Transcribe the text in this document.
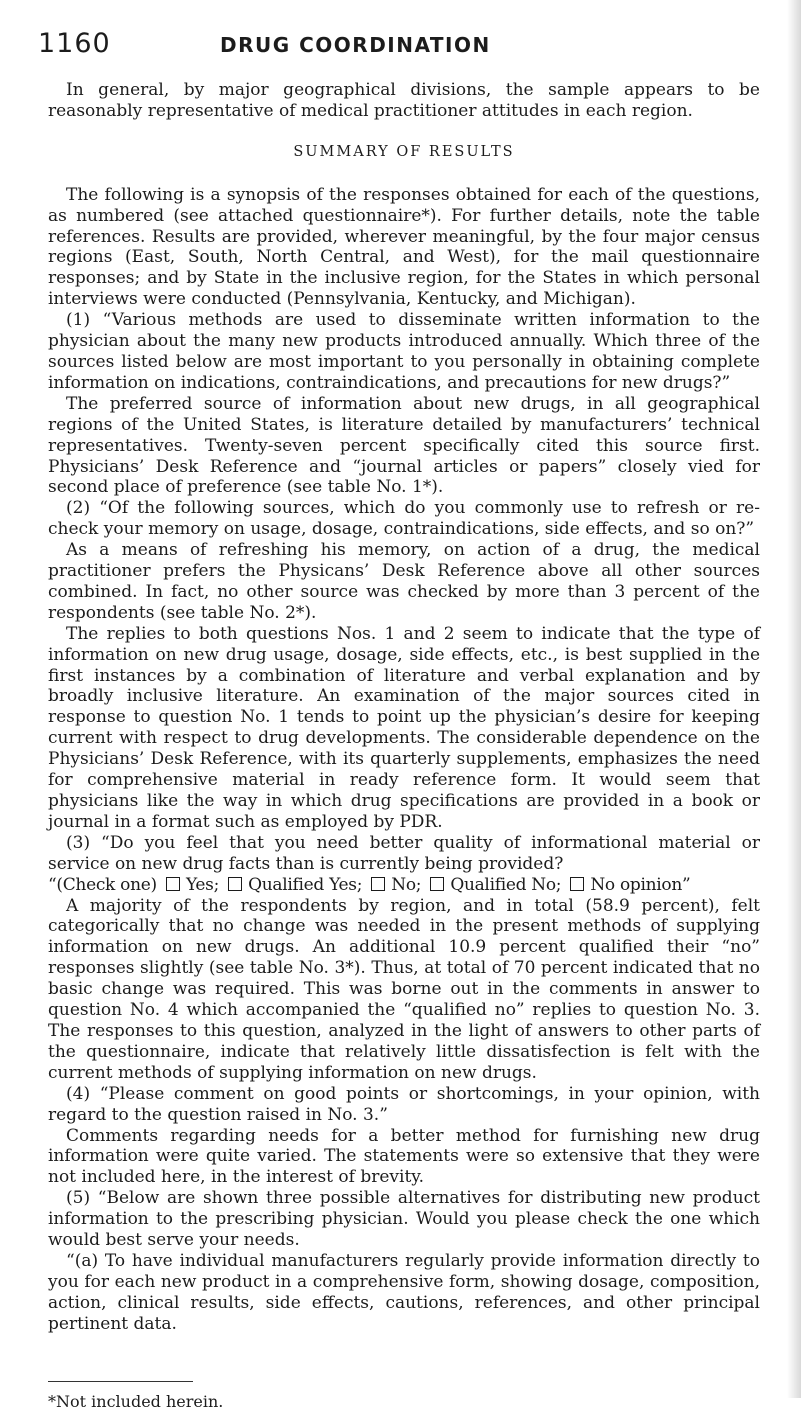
1160	DRUG COORDINATION

In general, by major geographical divisions, the sample appears to be reasonably representative of medical practitioner attitudes in each region.

SUMMARY OF RESULTS

The following is a synopsis of the responses obtained for each of the questions, as numbered (see attached questionnaire*). For further details, note the table references. Results are provided, wherever meaningful, by the four major census regions (East, South, North Central, and West), for the mail questionnaire responses; and by State in the inclusive region, for the States in which personal interviews were conducted (Pennsylvania, Kentucky, and Michigan).

(1) “Various methods are used to disseminate written information to the physician about the many new products introduced annually. Which three of the sources listed below are most important to you personally in obtaining complete information on indications, contraindications, and precautions for new drugs?”

The preferred source of information about new drugs, in all geographical regions of the United States, is literature detailed by manufacturers’ technical representatives. Twenty-seven percent specifically cited this source first. Physicians’ Desk Reference and “journal articles or papers” closely vied for second place of preference (see table No. 1*).

(2) “Of the following sources, which do you commonly use to refresh or re-check your memory on usage, dosage, contraindications, side effects, and so on?”

As a means of refreshing his memory, on action of a drug, the medical practitioner prefers the Physicans’ Desk Reference above all other sources combined. In fact, no other source was checked by more than 3 percent of the respondents (see table No. 2*).

The replies to both questions Nos. 1 and 2 seem to indicate that the type of information on new drug usage, dosage, side effects, etc., is best supplied in the first instances by a combination of literature and verbal explanation and by broadly inclusive literature. An examination of the major sources cited in response to question No. 1 tends to point up the physician’s desire for keeping current with respect to drug developments. The considerable dependence on the Physicians’ Desk Reference, with its quarterly supplements, emphasizes the need for comprehensive material in ready reference form. It would seem that physicians like the way in which drug specifications are provided in a book or journal in a format such as employed by PDR.

(3) “Do you feel that you need better quality of informational material or service on new drug facts than is currently being provided?

“(Check one) Yes; Qualified Yes; No; Qualified No; No opinion”

A majority of the respondents by region, and in total (58.9 percent), felt categorically that no change was needed in the present methods of supplying information on new drugs. An additional 10.9 percent qualified their “no” responses slightly (see table No. 3*). Thus, at total of 70 percent indicated that no basic change was required. This was borne out in the comments in answer to question No. 4 which accompanied the “qualified no” replies to question No. 3. The responses to this question, analyzed in the light of answers to other parts of the questionnaire, indicate that relatively little dissatisfection is felt with the current methods of supplying information on new drugs.

(4) “Please comment on good points or shortcomings, in your opinion, with regard to the question raised in No. 3.”

Comments regarding needs for a better method for furnishing new drug information were quite varied. The statements were so extensive that they were not included here, in the interest of brevity.

(5) “Below are shown three possible alternatives for distributing new product information to the prescribing physician. Would you please check the one which would best serve your needs.

“(a) To have individual manufacturers regularly provide information directly to you for each new product in a comprehensive form, showing dosage, composition, action, clinical results, side effects, cautions, references, and other principal pertinent data.

*Not included herein.
